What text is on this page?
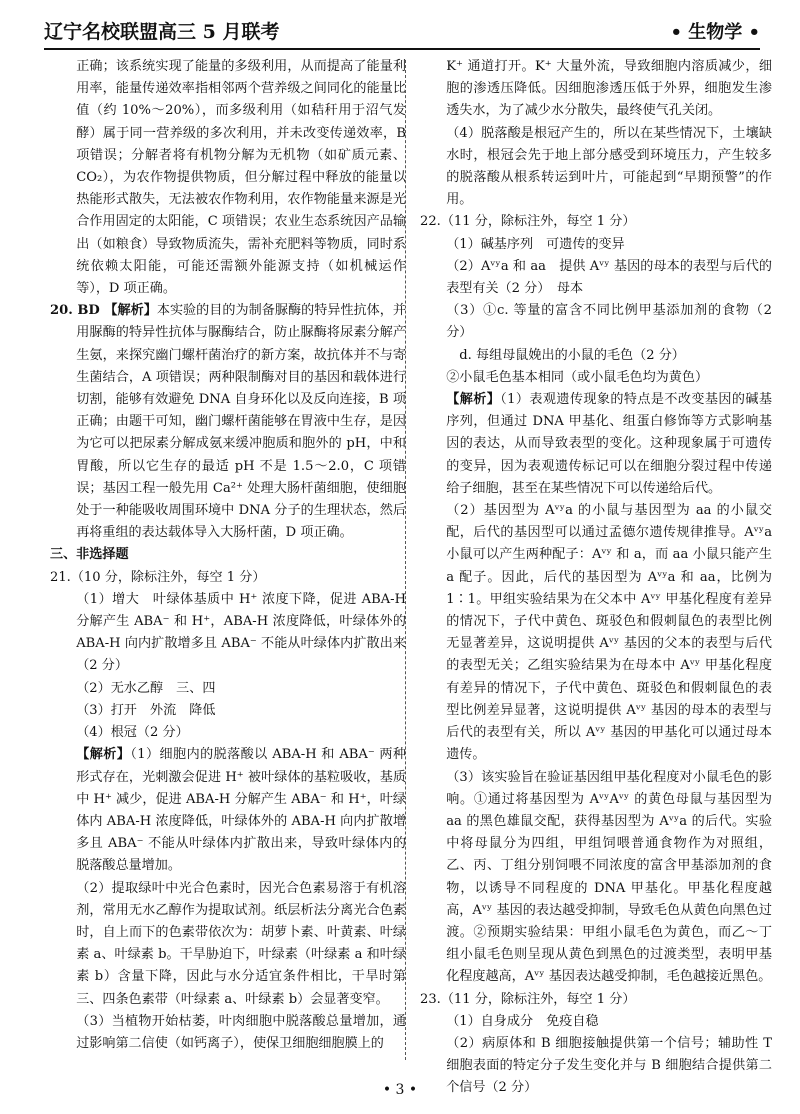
辽宁名校联盟高三 5 月联考	• 生物学 •

正确；该系统实现了能量的多级利用，从而提高了能量利用率，能量传递效率指相邻两个营养级之间同化的能量比值（约 10%～20%），而多级利用（如秸秆用于沼气发酵）属于同一营养级的多次利用，并未改变传递效率，B 项错误；分解者将有机物分解为无机物（如矿质元素、CO₂），为农作物提供物质，但分解过程中释放的能量以热能形式散失，无法被农作物利用，农作物能量来源是光合作用固定的太阳能，C 项错误；农业生态系统因产品输出（如粮食）导致物质流失，需补充肥料等物质，同时系统依赖太阳能，可能还需额外能源支持（如机械运作等），D 项正确。

20. BD 【解析】本实验的目的为制备脲酶的特异性抗体，并用脲酶的特异性抗体与脲酶结合，防止脲酶将尿素分解产生氨，来探究幽门螺杆菌治疗的新方案，故抗体并不与寄生菌结合，A 项错误；两种限制酶对目的基因和载体进行切割，能够有效避免 DNA 自身环化以及反向连接，B 项正确；由题干可知，幽门螺杆菌能够在胃液中生存，是因为它可以把尿素分解成氨来缓冲胞质和胞外的 pH，中和胃酸，所以它生存的最适 pH 不是 1.5～2.0，C 项错误；基因工程一般先用 Ca²⁺ 处理大肠杆菌细胞，使细胞处于一种能吸收周围环境中 DNA 分子的生理状态，然后再将重组的表达载体导入大肠杆菌，D 项正确。

三、非选择题

21.（10 分，除标注外，每空 1 分）

（1）增大　叶绿体基质中 H⁺ 浓度下降，促进 ABA-H 分解产生 ABA⁻ 和 H⁺，ABA-H 浓度降低，叶绿体外的 ABA-H 向内扩散增多且 ABA⁻ 不能从叶绿体内扩散出来（2 分）

（2）无水乙醇　三、四

（3）打开　外流　降低

（4）根冠（2 分）

【解析】（1）细胞内的脱落酸以 ABA-H 和 ABA⁻ 两种形式存在，光刺激会促进 H⁺ 被叶绿体的基粒吸收，基质中 H⁺ 减少，促进 ABA-H 分解产生 ABA⁻ 和 H⁺，叶绿体内 ABA-H 浓度降低，叶绿体外的 ABA-H 向内扩散增多且 ABA⁻ 不能从叶绿体内扩散出来，导致叶绿体内的脱落酸总量增加。

（2）提取绿叶中光合色素时，因光合色素易溶于有机溶剂，常用无水乙醇作为提取试剂。纸层析法分离光合色素时，自上而下的色素带依次为：胡萝卜素、叶黄素、叶绿素 a、叶绿素 b。干旱胁迫下，叶绿素（叶绿素 a 和叶绿素 b）含量下降，因此与水分适宜条件相比，干旱时第三、四条色素带（叶绿素 a、叶绿素 b）会显著变窄。

（3）当植物开始枯萎，叶肉细胞中脱落酸总量增加，通过影响第二信使（如钙离子），使保卫细胞细胞膜上的

K⁺ 通道打开。K⁺ 大量外流，导致细胞内溶质减少，细胞的渗透压降低。因细胞渗透压低于外界，细胞发生渗透失水，为了减少水分散失，最终使气孔关闭。

（4）脱落酸是根冠产生的，所以在某些情况下，土壤缺水时，根冠会先于地上部分感受到环境压力，产生较多的脱落酸从根系转运到叶片，可能起到“早期预警”的作用。

22.（11 分，除标注外，每空 1 分）

（1）碱基序列　可遗传的变异

（2）Aᵛʸa 和 aa　提供 Aᵛʸ 基因的母本的表型与后代的表型有关（2 分）　母本

（3）①c. 等量的富含不同比例甲基添加剂的食物（2 分）

d. 每组母鼠娩出的小鼠的毛色（2 分）

②小鼠毛色基本相同（或小鼠毛色均为黄色）

【解析】（1）表观遗传现象的特点是不改变基因的碱基序列，但通过 DNA 甲基化、组蛋白修饰等方式影响基因的表达，从而导致表型的变化。这种现象属于可遗传的变异，因为表观遗传标记可以在细胞分裂过程中传递给子细胞，甚至在某些情况下可以传递给后代。

（2）基因型为 Aᵛʸa 的小鼠与基因型为 aa 的小鼠交配，后代的基因型可以通过孟德尔遗传规律推导。Aᵛʸa 小鼠可以产生两种配子：Aᵛʸ 和 a，而 aa 小鼠只能产生 a 配子。因此，后代的基因型为 Aᵛʸa 和 aa，比例为 1∶1。甲组实验结果为在父本中 Aᵛʸ 甲基化程度有差异的情况下，子代中黄色、斑驳色和假刺鼠色的表型比例无显著差异，这说明提供 Aᵛʸ 基因的父本的表型与后代的表型无关；乙组实验结果为在母本中 Aᵛʸ 甲基化程度有差异的情况下，子代中黄色、斑驳色和假刺鼠色的表型比例差异显著，这说明提供 Aᵛʸ 基因的母本的表型与后代的表型有关，所以 Aᵛʸ 基因的甲基化可以通过母本遗传。

（3）该实验旨在验证基因组甲基化程度对小鼠毛色的影响。①通过将基因型为 AᵛʸAᵛʸ 的黄色母鼠与基因型为 aa 的黑色雄鼠交配，获得基因型为 Aᵛʸa 的后代。实验中将母鼠分为四组，甲组饲喂普通食物作为对照组，乙、丙、丁组分别饲喂不同浓度的富含甲基添加剂的食物，以诱导不同程度的 DNA 甲基化。甲基化程度越高，Aᵛʸ 基因的表达越受抑制，导致毛色从黄色向黑色过渡。②预期实验结果：甲组小鼠毛色为黄色，而乙～丁组小鼠毛色则呈现从黄色到黑色的过渡类型，表明甲基化程度越高，Aᵛʸ 基因表达越受抑制，毛色越接近黑色。

23.（11 分，除标注外，每空 1 分）

（1）自身成分　免疫自稳

（2）病原体和 B 细胞接触提供第一个信号；辅助性 T 细胞表面的特定分子发生变化并与 B 细胞结合提供第二个信号（2 分）

• 3 •
